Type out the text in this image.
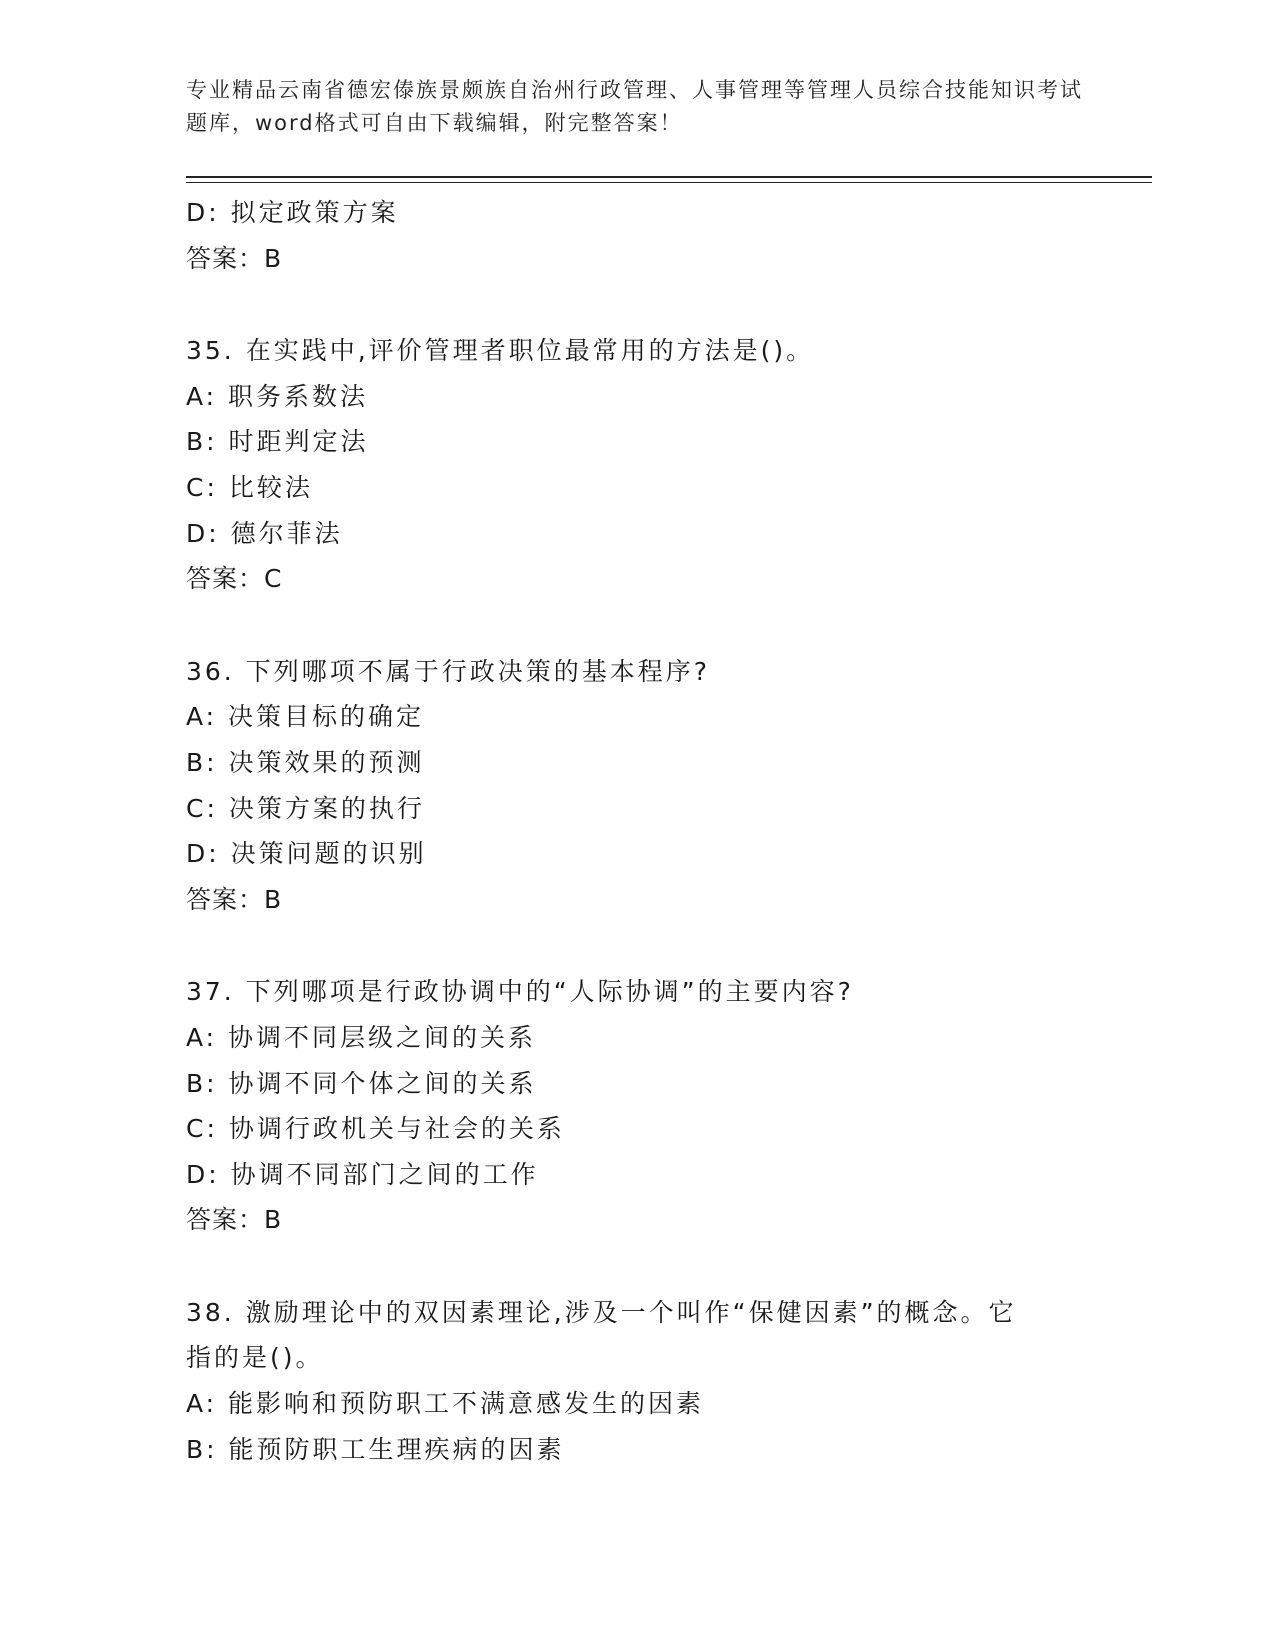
专业精品云南省德宏傣族景颇族自治州行政管理、人事管理等管理人员综合技能知识考试题库，word格式可自由下载编辑，附完整答案！
D: 拟定政策方案
答案：B
35. 在实践中,评价管理者职位最常用的方法是()。
A: 职务系数法
B: 时距判定法
C: 比较法
D: 德尔菲法
答案：C
36. 下列哪项不属于行政决策的基本程序?
A: 决策目标的确定
B: 决策效果的预测
C: 决策方案的执行
D: 决策问题的识别
答案：B
37. 下列哪项是行政协调中的“人际协调”的主要内容?
A: 协调不同层级之间的关系
B: 协调不同个体之间的关系
C: 协调行政机关与社会的关系
D: 协调不同部门之间的工作
答案：B
38. 激励理论中的双因素理论,涉及一个叫作“保健因素”的概念。它
指的是()。
A: 能影响和预防职工不满意感发生的因素
B: 能预防职工生理疾病的因素
